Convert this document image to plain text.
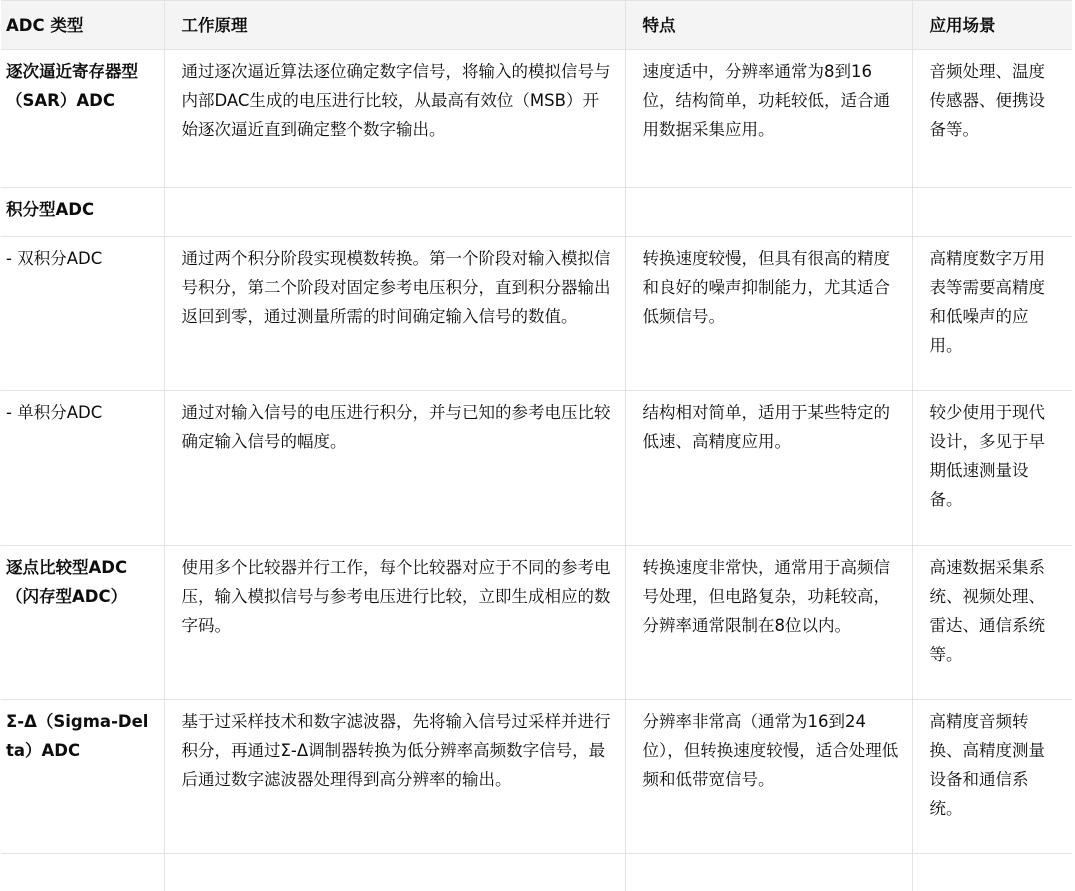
ADC 类型	工作原理	特点	应用场景
逐次逼近寄存器型（SAR）ADC	通过逐次逼近算法逐位确定数字信号，将输入的模拟信号与内部DAC生成的电压进行比较，从最高有效位（MSB）开始逐次逼近直到确定整个数字输出。	速度适中，分辨率通常为8到16位，结构简单，功耗较低，适合通用数据采集应用。	音频处理、温度传感器、便携设备等。
积分型ADC			
- 双积分ADC	通过两个积分阶段实现模数转换。第一个阶段对输入模拟信号积分，第二个阶段对固定参考电压积分，直到积分器输出返回到零，通过测量所需的时间确定输入信号的数值。	转换速度较慢，但具有很高的精度和良好的噪声抑制能力，尤其适合低频信号。	高精度数字万用表等需要高精度和低噪声的应用。
- 单积分ADC	通过对输入信号的电压进行积分，并与已知的参考电压比较确定输入信号的幅度。	结构相对简单，适用于某些特定的低速、高精度应用。	较少使用于现代设计，多见于早期低速测量设备。
逐点比较型ADC（闪存型ADC）	使用多个比较器并行工作，每个比较器对应于不同的参考电压，输入模拟信号与参考电压进行比较，立即生成相应的数字码。	转换速度非常快，通常用于高频信号处理，但电路复杂，功耗较高，分辨率通常限制在8位以内。	高速数据采集系统、视频处理、雷达、通信系统等。
Σ-Δ（Sigma-Delta）ADC	基于过采样技术和数字滤波器，先将输入信号过采样并进行积分，再通过Σ-Δ调制器转换为低分辨率高频数字信号，最后通过数字滤波器处理得到高分辨率的输出。	分辨率非常高（通常为16到24位），但转换速度较慢，适合处理低频和低带宽信号。	高精度音频转换、高精度测量设备和通信系统。
